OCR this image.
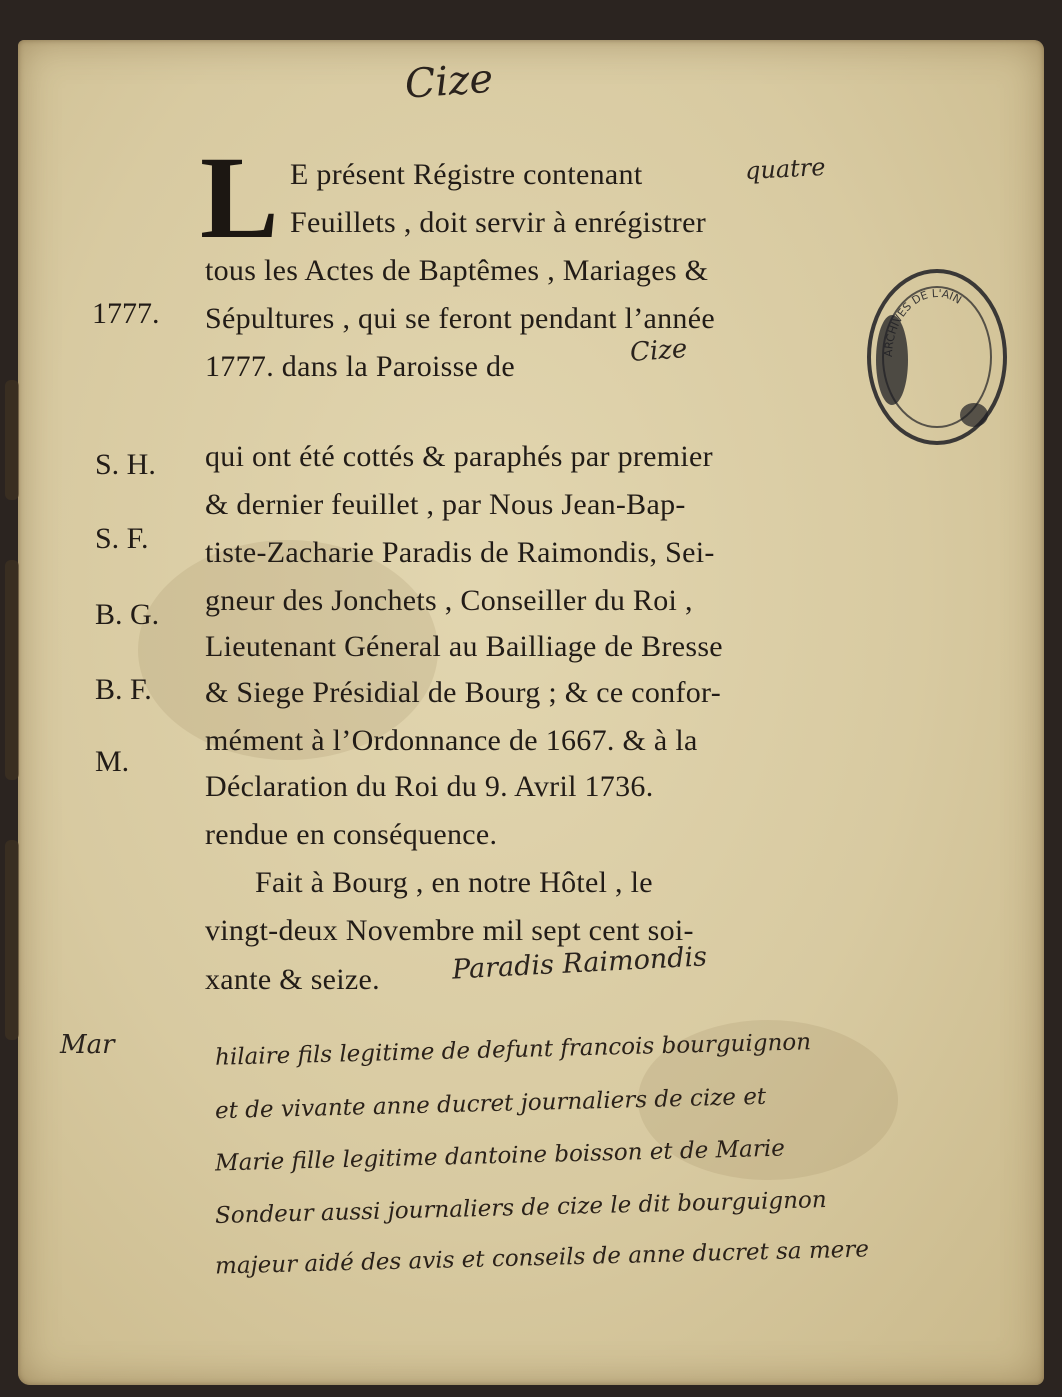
Cize
L E présent Régistre contenant
Feuillets , doit servir à enrégistrer
tous les Actes de Baptêmes , Mariages &
Sépultures , qui se feront pendant l’année
1777. dans la Paroisse de
qui ont été cottés & paraphés par premier
& dernier feuillet , par Nous Jean-Bap-
tiste-Zacharie Paradis de Raimondis, Sei-
gneur des Jonchets , Conseiller du Roi ,
Lieutenant Géneral au Bailliage de Bresse
& Siege Présidial de Bourg ; & ce confor-
mément à l’Ordonnance de 1667. & à la
Déclaration du Roi du 9. Avril 1736.
rendue en conséquence.
Fait à Bourg , en notre Hôtel , le
vingt-deux Novembre mil sept cent soi-
xante & seize.
quatre
Cize
Paradis Raimondis
1777.
S. H.
S. F.
B. G.
B. F.
M.
ARCHIVES DE L'AIN
Mar	hilaire fils legitime de defunt francois bourguignon
et de vivante anne ducret journaliers de cize et
Marie fille legitime dantoine boisson et de Marie
Sondeur aussi journaliers de cize le dit bourguignon
majeur aidé des avis et conseils de anne ducret sa mere
